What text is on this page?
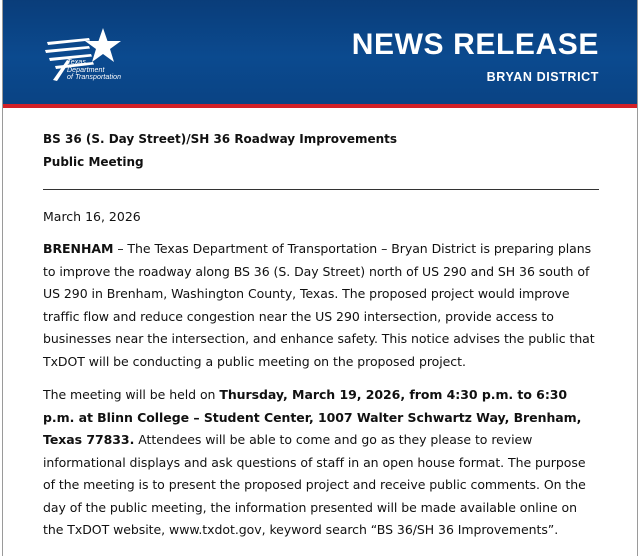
Texas
Department
of Transportation
NEWS RELEASE
BRYAN DISTRICT

BS 36 (S. Day Street)/SH 36 Roadway Improvements
Public Meeting

March 16, 2026

BRENHAM – The Texas Department of Transportation – Bryan District is preparing plans to improve the roadway along BS 36 (S. Day Street) north of US 290 and SH 36 south of US 290 in Brenham, Washington County, Texas. The proposed project would improve traffic flow and reduce congestion near the US 290 intersection, provide access to businesses near the intersection, and enhance safety. This notice advises the public that TxDOT will be conducting a public meeting on the proposed project.

The meeting will be held on Thursday, March 19, 2026, from 4:30 p.m. to 6:30 p.m. at Blinn College – Student Center, 1007 Walter Schwartz Way, Brenham, Texas 77833. Attendees will be able to come and go as they please to review informational displays and ask questions of staff in an open house format. The purpose of the meeting is to present the proposed project and receive public comments. On the day of the public meeting, the information presented will be made available online on the TxDOT website, www.txdot.gov, keyword search “BS 36/SH 36 Improvements”.
